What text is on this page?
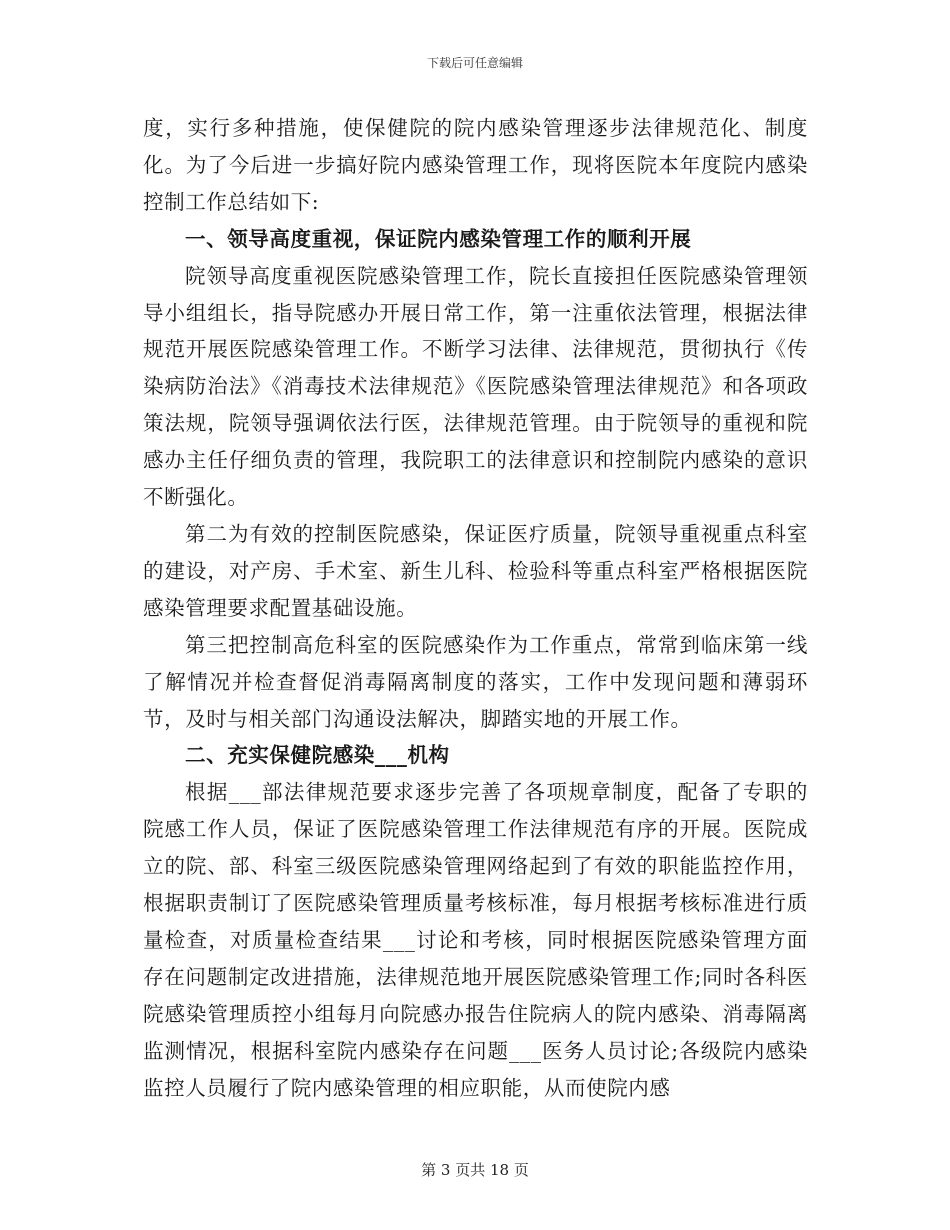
下载后可任意编辑

度，实行多种措施，使保健院的院内感染管理逐步法律规范化、制度化。为了今后进一步搞好院内感染管理工作，现将医院本年度院内感染控制工作总结如下:

一、领导高度重视，保证院内感染管理工作的顺利开展

院领导高度重视医院感染管理工作，院长直接担任医院感染管理领导小组组长，指导院感办开展日常工作，第一注重依法管理，根据法律规范开展医院感染管理工作。不断学习法律、法律规范，贯彻执行《传染病防治法》《消毒技术法律规范》《医院感染管理法律规范》和各项政策法规，院领导强调依法行医，法律规范管理。由于院领导的重视和院感办主任仔细负责的管理，我院职工的法律意识和控制院内感染的意识不断强化。

第二为有效的控制医院感染，保证医疗质量，院领导重视重点科室的建设，对产房、手术室、新生儿科、检验科等重点科室严格根据医院感染管理要求配置基础设施。

第三把控制高危科室的医院感染作为工作重点，常常到临床第一线了解情况并检查督促消毒隔离制度的落实，工作中发现问题和薄弱环节，及时与相关部门沟通设法解决，脚踏实地的开展工作。

二、充实保健院感染___机构

根据___部法律规范要求逐步完善了各项规章制度，配备了专职的院感工作人员，保证了医院感染管理工作法律规范有序的开展。医院成立的院、部、科室三级医院感染管理网络起到了有效的职能监控作用，根据职责制订了医院感染管理质量考核标准，每月根据考核标准进行质量检查，对质量检查结果___讨论和考核，同时根据医院感染管理方面存在问题制定改进措施，法律规范地开展医院感染管理工作;同时各科医院感染管理质控小组每月向院感办报告住院病人的院内感染、消毒隔离监测情况，根据科室院内感染存在问题___医务人员讨论;各级院内感染监控人员履行了院内感染管理的相应职能，从而使院内感

第 3 页共 18 页
